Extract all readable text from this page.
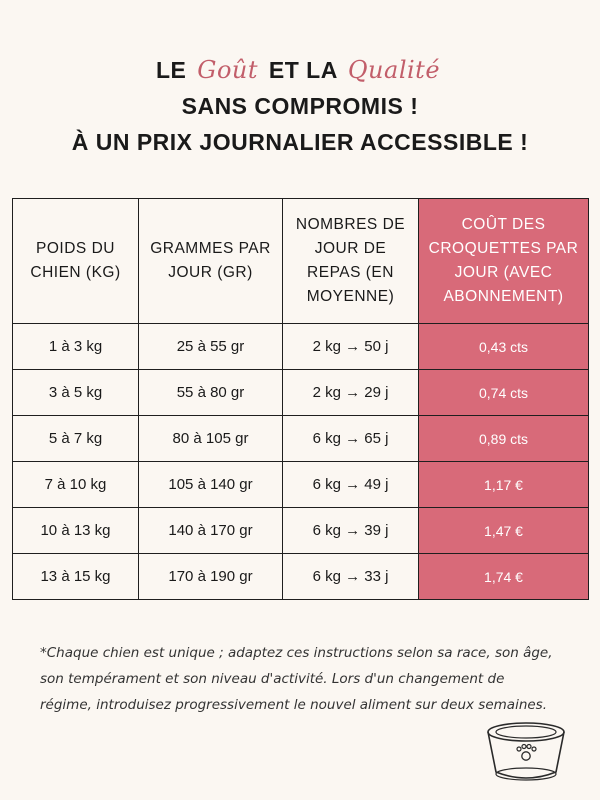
LE Goût ET LA Qualité
SANS COMPROMIS !
À UN PRIX JOURNALIER ACCESSIBLE !
POIDS DU CHIEN (KG)	GRAMMES PAR JOUR (GR)	NOMBRES DE JOUR DE REPAS (EN MOYENNE)	COÛT DES CROQUETTES PAR JOUR (AVEC ABONNEMENT)
1 à 3 kg	25 à 55 gr	2 kg → 50 j	0,43 cts
3 à 5 kg	55 à 80 gr	2 kg → 29 j	0,74 cts
5 à 7 kg	80 à 105 gr	6 kg → 65 j	0,89 cts
7 à 10 kg	105 à 140 gr	6 kg → 49 j	1,17 €
10 à 13 kg	140 à 170 gr	6 kg → 39 j	1,47 €
13 à 15 kg	170 à 190 gr	6 kg → 33 j	1,74 €
*Chaque chien est unique ; adaptez ces instructions selon sa race, son âge, son tempérament et son niveau d'activité. Lors d'un changement de régime, introduisez progressivement le nouvel aliment sur deux semaines.
